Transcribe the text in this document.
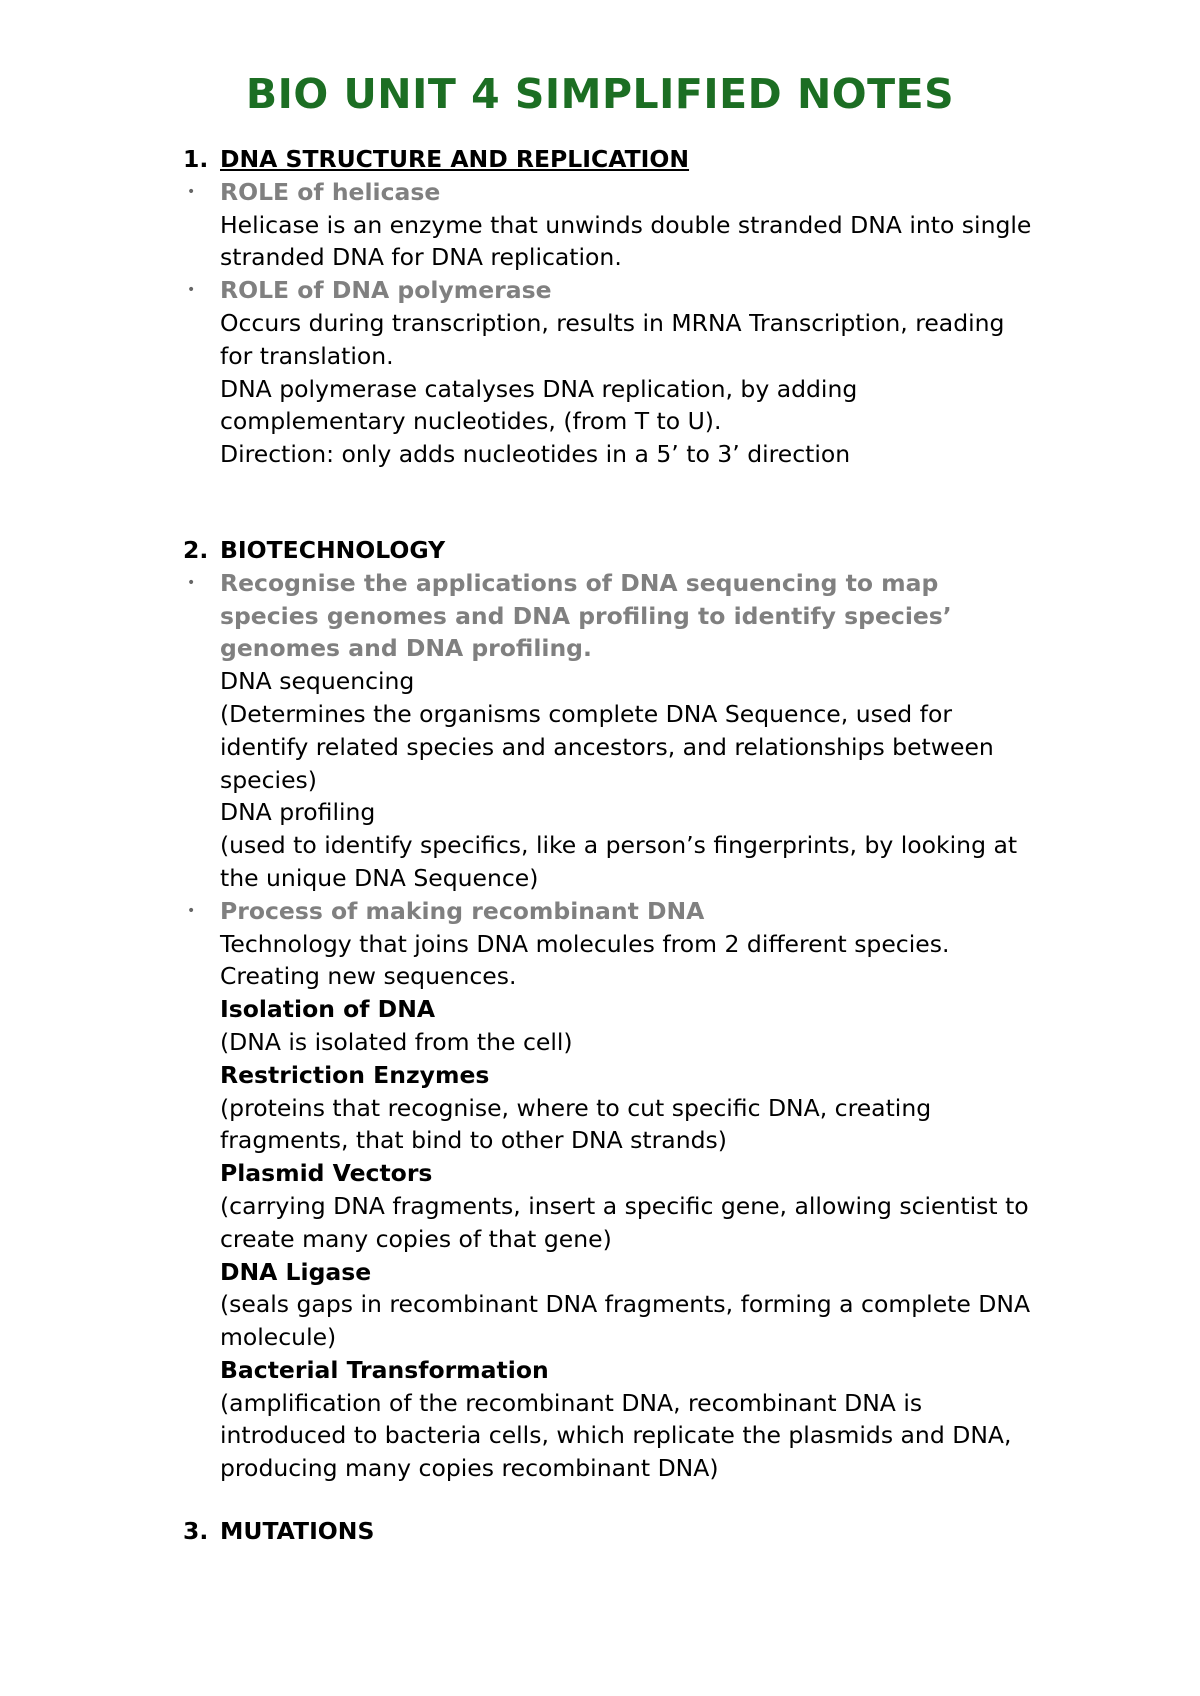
BIO UNIT 4 SIMPLIFIED NOTES
1. DNA STRUCTURE AND REPLICATION
• ROLE of helicase
Helicase is an enzyme that unwinds double stranded DNA into single
stranded DNA for DNA replication.
• ROLE of DNA polymerase
Occurs during transcription, results in MRNA Transcription, reading
for translation.
DNA polymerase catalyses DNA replication, by adding
complementary nucleotides, (from T to U).
Direction: only adds nucleotides in a 5’ to 3’ direction
2. BIOTECHNOLOGY
• Recognise the applications of DNA sequencing to map
species genomes and DNA profiling to identify species’
genomes and DNA profiling.
DNA sequencing
(Determines the organisms complete DNA Sequence, used for
identify related species and ancestors, and relationships between
species)
DNA profiling
(used to identify specifics, like a person’s fingerprints, by looking at
the unique DNA Sequence)
• Process of making recombinant DNA
Technology that joins DNA molecules from 2 different species.
Creating new sequences.
Isolation of DNA
(DNA is isolated from the cell)
Restriction Enzymes
(proteins that recognise, where to cut specific DNA, creating
fragments, that bind to other DNA strands)
Plasmid Vectors
(carrying DNA fragments, insert a specific gene, allowing scientist to
create many copies of that gene)
DNA Ligase
(seals gaps in recombinant DNA fragments, forming a complete DNA
molecule)
Bacterial Transformation
(amplification of the recombinant DNA, recombinant DNA is
introduced to bacteria cells, which replicate the plasmids and DNA,
producing many copies recombinant DNA)
3. MUTATIONS
